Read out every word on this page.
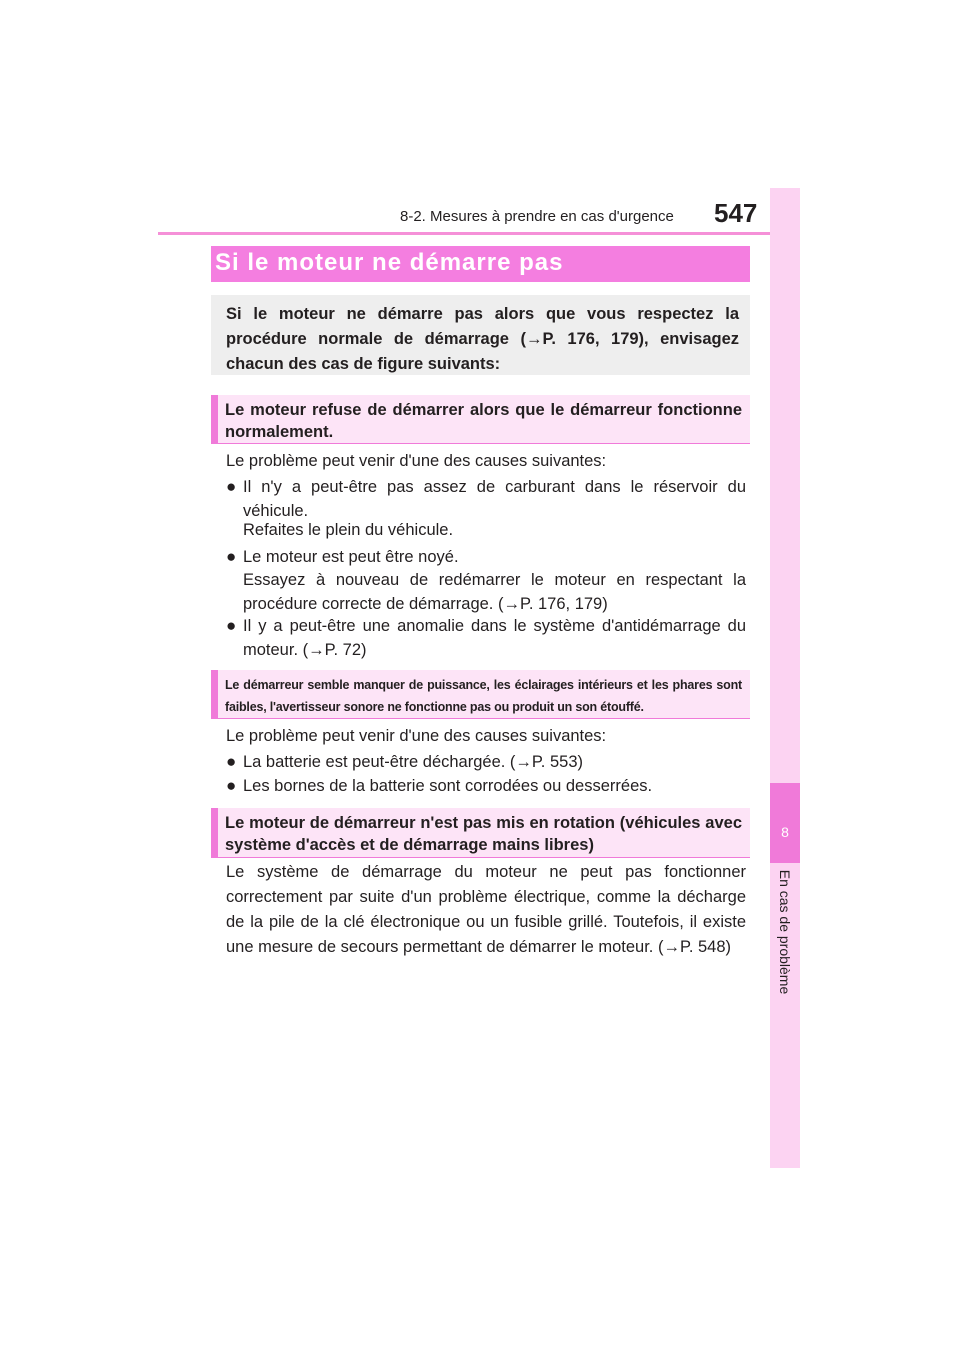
8-2. Mesures à prendre en cas d'urgence 547
8
En cas de problème
Si le moteur ne démarre pas
Si le moteur ne démarre pas alors que vous respectez la procédure normale de démarrage (→P. 176, 179), envisagez chacun des cas de figure suivants:
Le moteur refuse de démarrer alors que le démarreur fonctionne normalement.
Le problème peut venir d'une des causes suivantes:
● Il n'y a peut-être pas assez de carburant dans le réservoir du véhicule.
Refaites le plein du véhicule.
● Le moteur est peut être noyé.
Essayez à nouveau de redémarrer le moteur en respectant la procédure correcte de démarrage. (→P. 176, 179)
● Il y a peut-être une anomalie dans le système d'antidémarrage du moteur. (→P. 72)
Le démarreur semble manquer de puissance, les éclairages intérieurs et les phares sont faibles, l'avertisseur sonore ne fonctionne pas ou produit un son étouffé.
Le problème peut venir d'une des causes suivantes:
● La batterie est peut-être déchargée. (→P. 553)
● Les bornes de la batterie sont corrodées ou desserrées.
Le moteur de démarreur n'est pas mis en rotation (véhicules avec système d'accès et de démarrage mains libres)
Le système de démarrage du moteur ne peut pas fonctionner correctement par suite d'un problème électrique, comme la décharge de la pile de la clé électronique ou un fusible grillé. Toutefois, il existe une mesure de secours permettant de démarrer le moteur. (→P. 548)
